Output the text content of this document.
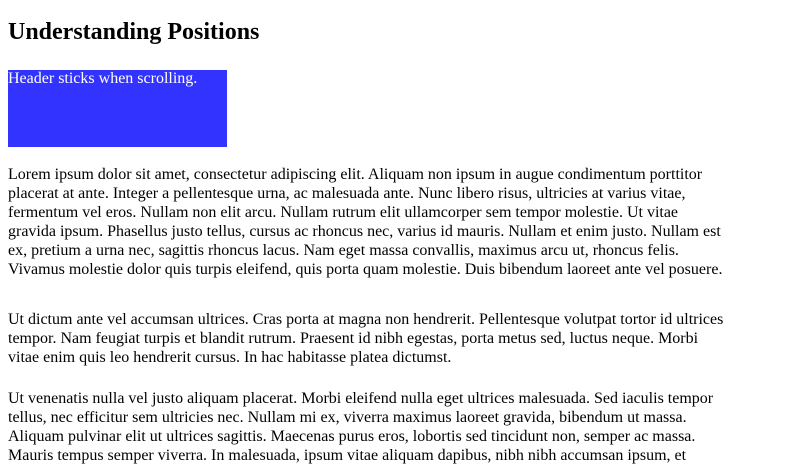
Understanding Positions
Header sticks when scrolling.

Lorem ipsum dolor sit amet, consectetur adipiscing elit. Aliquam non ipsum in augue condimentum porttitor
placerat at ante. Integer a pellentesque urna, ac malesuada ante. Nunc libero risus, ultricies at varius vitae,
fermentum vel eros. Nullam non elit arcu. Nullam rutrum elit ullamcorper sem tempor molestie. Ut vitae
gravida ipsum. Phasellus justo tellus, cursus ac rhoncus nec, varius id mauris. Nullam et enim justo. Nullam est
ex, pretium a urna nec, sagittis rhoncus lacus. Nam eget massa convallis, maximus arcu ut, rhoncus felis.
Vivamus molestie dolor quis turpis eleifend, quis porta quam molestie. Duis bibendum laoreet ante vel posuere.

Ut dictum ante vel accumsan ultrices. Cras porta at magna non hendrerit. Pellentesque volutpat tortor id ultrices
tempor. Nam feugiat turpis et blandit rutrum. Praesent id nibh egestas, porta metus sed, luctus neque. Morbi
vitae enim quis leo hendrerit cursus. In hac habitasse platea dictumst.

Ut venenatis nulla vel justo aliquam placerat. Morbi eleifend nulla eget ultrices malesuada. Sed iaculis tempor
tellus, nec efficitur sem ultricies nec. Nullam mi ex, viverra maximus laoreet gravida, bibendum ut massa.
Aliquam pulvinar elit ut ultrices sagittis. Maecenas purus eros, lobortis sed tincidunt non, semper ac massa.
Mauris tempus semper viverra. In malesuada, ipsum vitae aliquam dapibus, nibh nibh accumsan ipsum, et
